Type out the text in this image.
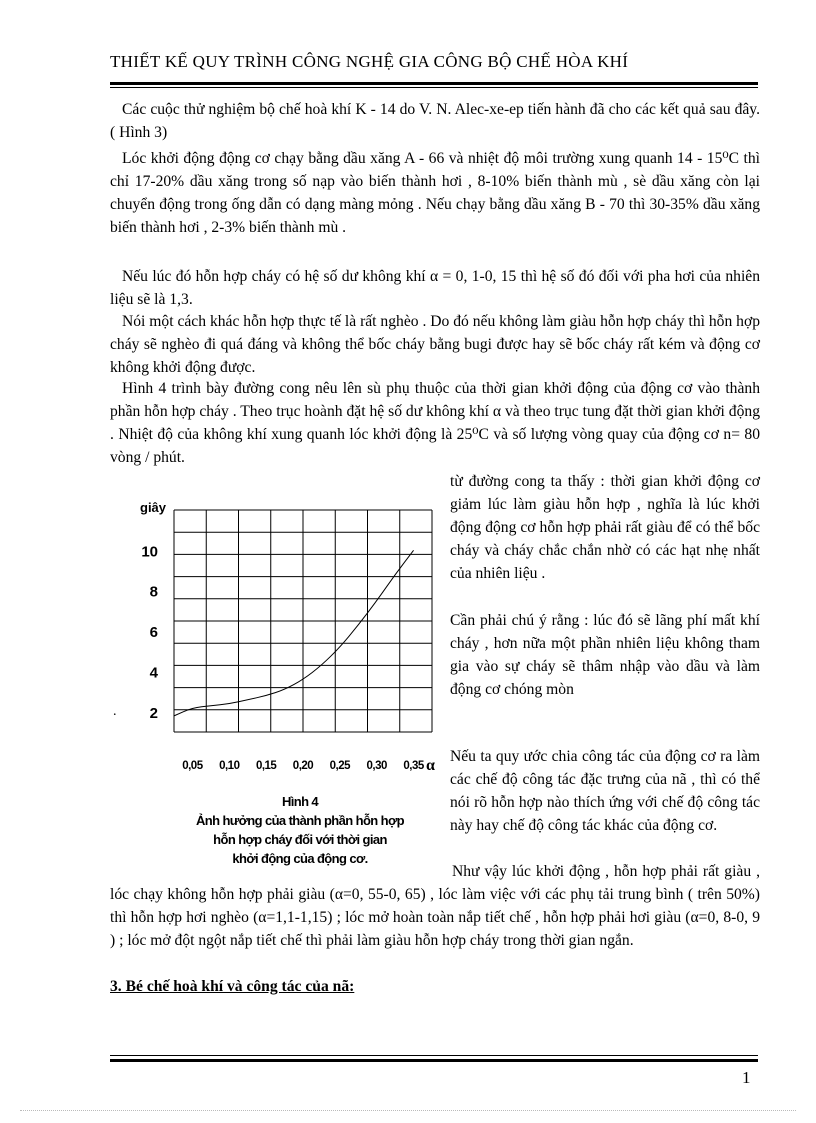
THIẾT KẾ QUY TRÌNH CÔNG NGHỆ GIA CÔNG BỘ CHẾ HÒA KHÍ

Các cuộc thử nghiệm bộ chế hoà khí K - 14 do V. N. Alec-xe-ep tiến hành đã cho các kết quả sau đây.( Hình 3)

Lóc khởi động động cơ chạy bằng dầu xăng A - 66 và nhiệt độ môi trường xung quanh 14 - 15⁰C thì chỉ 17-20% dầu xăng trong số nạp vào biến thành hơi , 8-10% biến thành mù , sè dầu xăng còn lại chuyển động trong ống dẫn có dạng màng mỏng . Nếu chạy bằng dầu xăng B - 70 thì 30-35% dầu xăng biến thành hơi , 2-3% biến thành mù .

Nếu lúc đó hỗn hợp cháy có hệ số dư không khí α = 0, 1-0, 15 thì hệ số đó đối với pha hơi của nhiên liệu sẽ là 1,3.

Nói một cách khác hỗn hợp thực tế là rất nghèo . Do đó nếu không làm giàu hỗn hợp cháy thì hỗn hợp cháy sẽ nghèo đi quá đáng và không thể bốc cháy bằng bugi được hay sẽ bốc cháy rất kém và động cơ không khởi động được.

Hình 4 trình bày đường cong nêu lên sù phụ thuộc của thời gian khởi động của động cơ vào thành phần hỗn hợp cháy . Theo trục hoành đặt hệ số dư không khí α và theo trục tung đặt thời gian khởi động . Nhiệt độ của không khí xung quanh lóc khởi động là 25⁰C và số lượng vòng quay của động cơ n= 80 vòng / phút.

từ đường cong ta thấy : thời gian khởi động cơ giảm lúc làm giàu hỗn hợp , nghĩa là lúc khởi động động cơ hỗn hợp phải rất giàu để có thể bốc cháy và cháy chắc chắn nhờ có các hạt nhẹ nhất của nhiên liệu .

Cần phải chú ý rằng : lúc đó sẽ lãng phí mất khí cháy , hơn nữa một phần nhiên liệu không tham gia vào sự cháy sẽ thâm nhập vào dầu và làm động cơ chóng mòn

Nếu ta quy ước chia công tác của động cơ ra làm các chế độ công tác đặc trưng của nã , thì có thể nói rõ hỗn hợp nào thích ứng với chế độ công tác này hay chế độ công tác khác của động cơ.

.
giây
2
4
6
8
10
0,05 0,10 0,15 0,20 0,25 0,30 0,35 α
Hình 4
Ảnh hưởng của thành phần hỗn hợp
hỗn hợp cháy đối với thời gian
khởi động của động cơ.

Như vậy lúc khởi động , hỗn hợp phải rất giàu , lóc chạy không hỗn hợp phải giàu (α=0, 55-0, 65) , lóc làm việc với các phụ tải trung bình ( trên 50%) thì hỗn hợp hơi nghèo (α=1,1-1,15) ; lóc mở hoàn toàn nắp tiết chế , hỗn hợp phải hơi giàu (α=0, 8-0, 9 ) ; lóc mở đột ngột nắp tiết chế thì phải làm giàu hỗn hợp cháy trong thời gian ngắn.

3. Bé chế hoà khí và công tác của nã:
1
